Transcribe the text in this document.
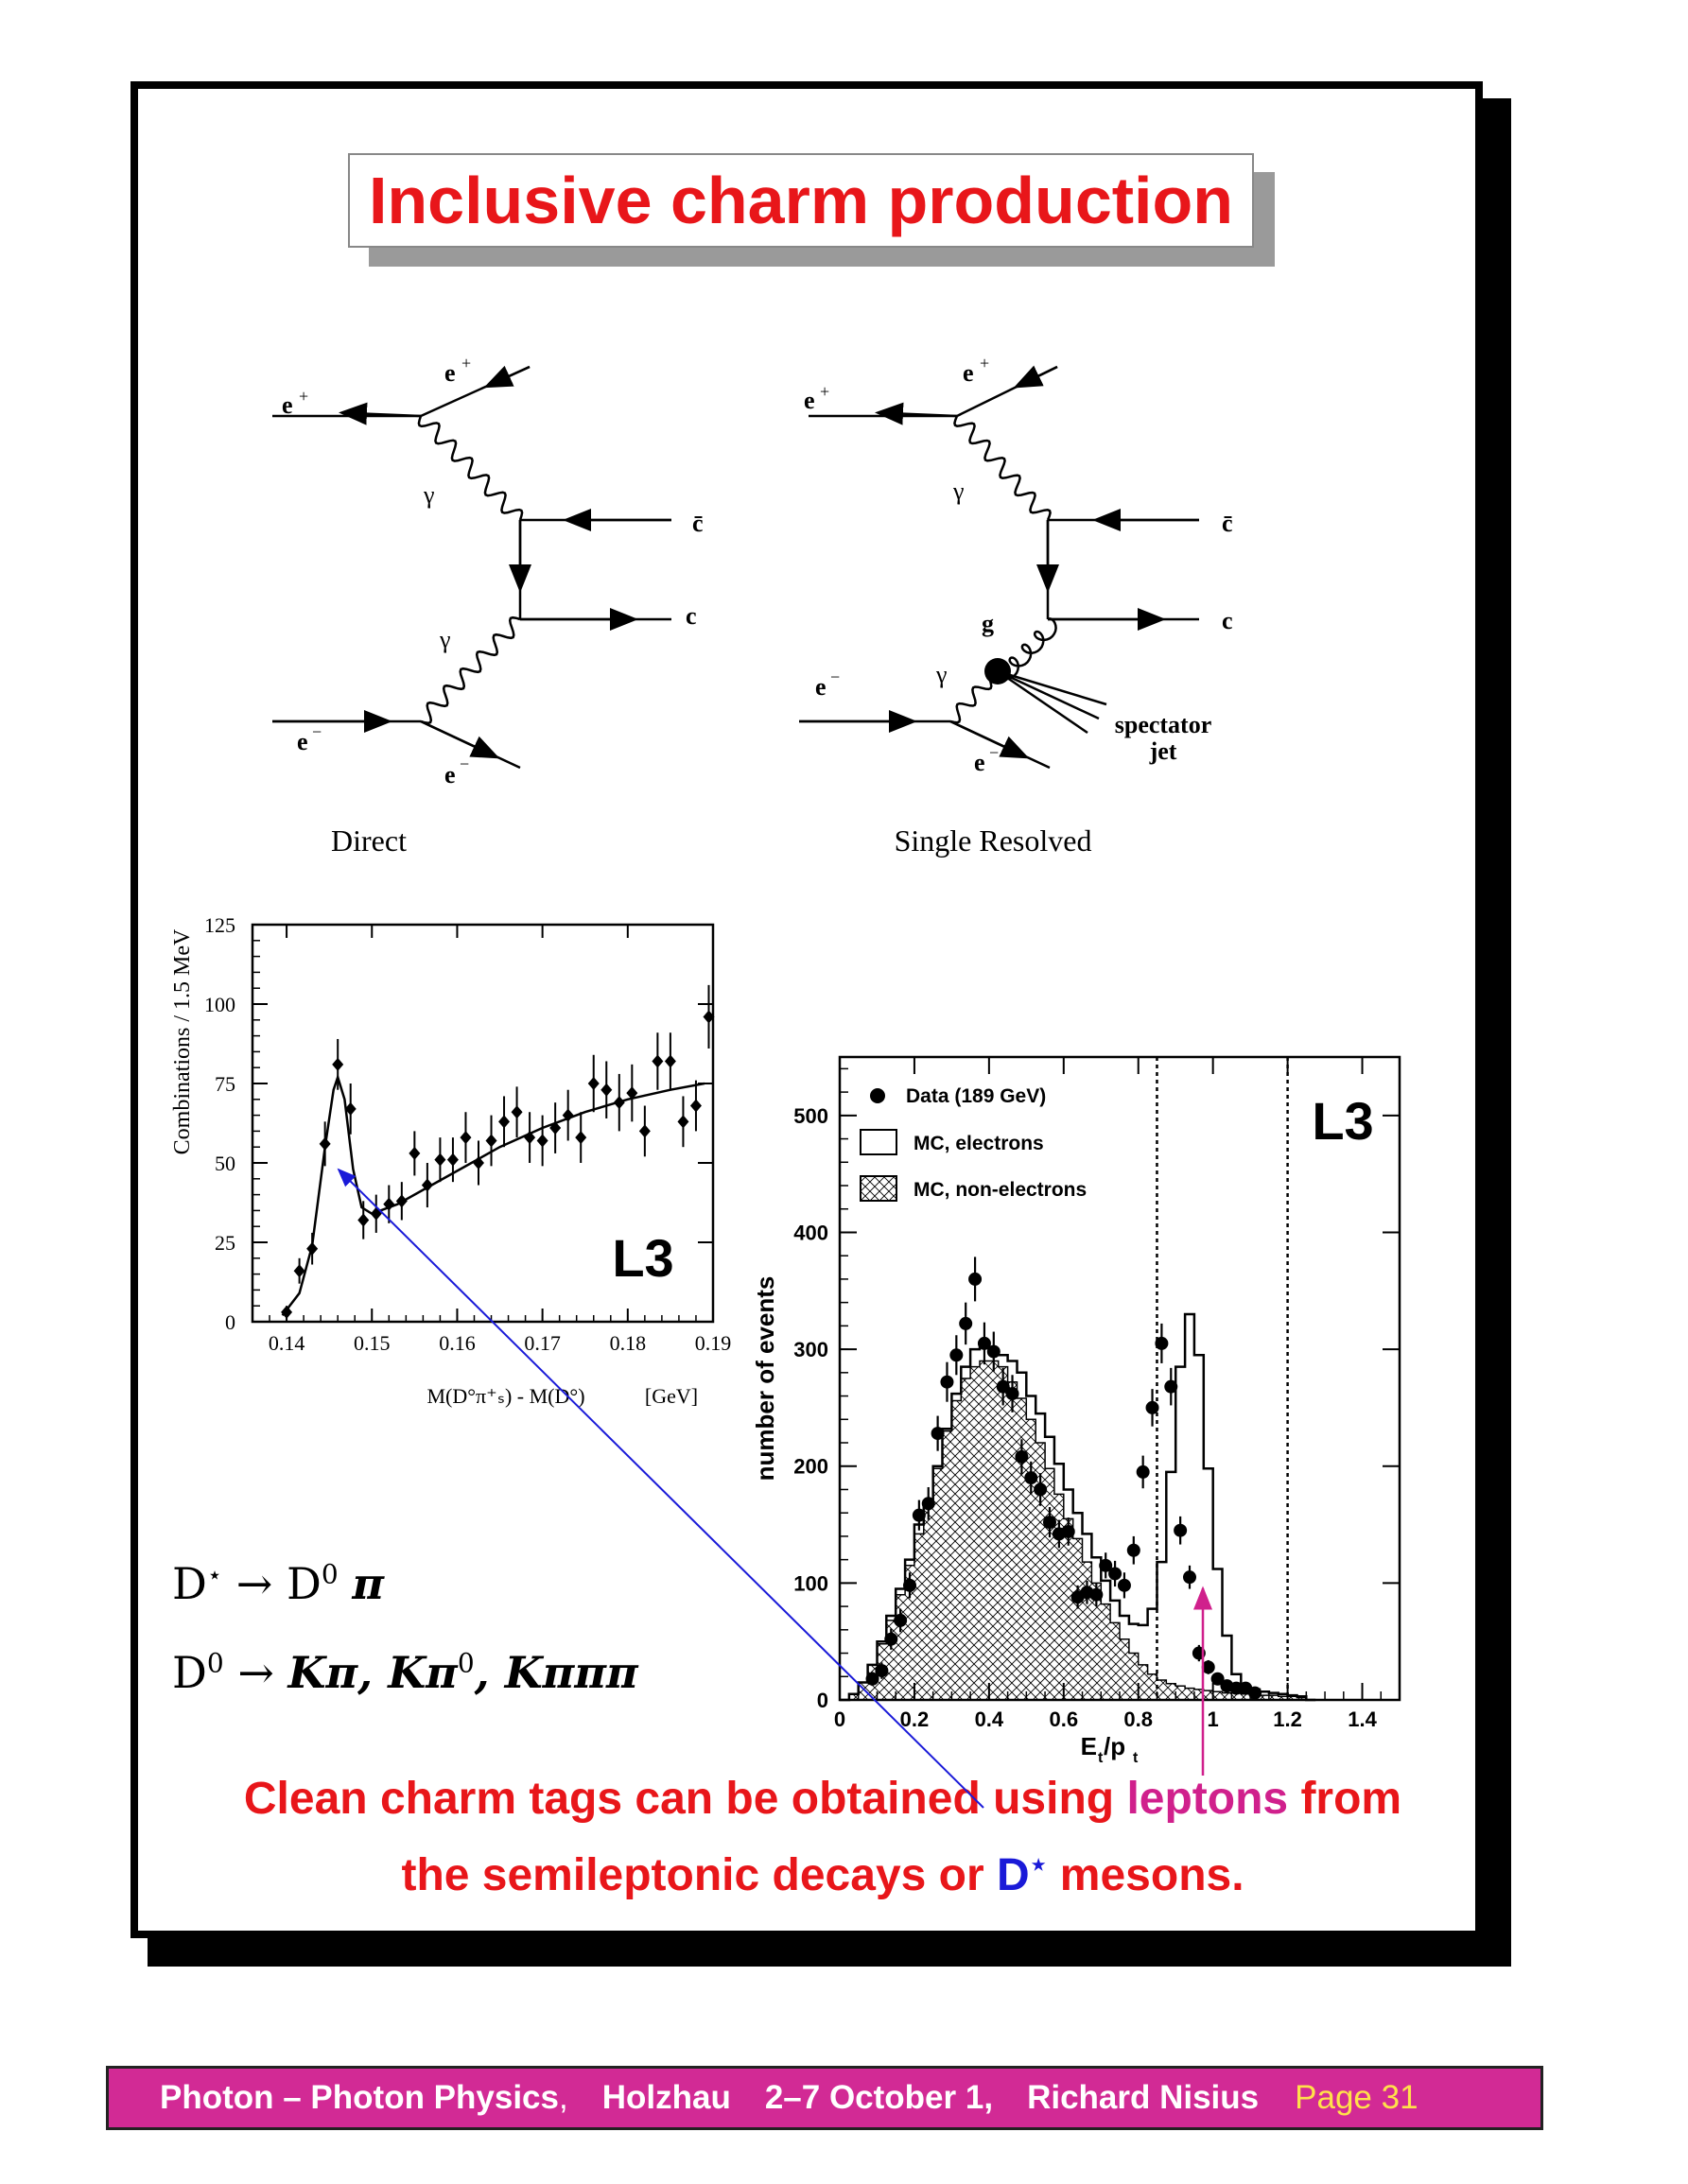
Inclusive charm production
e +
e +
γ
γ
c̄
c
e −
e −
Direct
e +
e +
γ
g
γ
c̄
c
e −
e −
spectator
jet
Single Resolved
0.14 0.15 0.16 0.17 0.18 0.19
0
25
50
75
100
125
Combinations / 1.5 MeV
M(D°π⁺ₛ) - M(D°)	[GeV]
L3
0	0.2 0.4 0.6 0.8	1	1.2 1.4
0
100
200
300
400
500
Data (189 GeV)
MC, electrons
MC, non-electrons
L3
number of events
E t /p t
$D^⋆ \to D^0$ π
$D^0 \to K\pi$, $K\pi^0$, Kπππ
Clean charm tags can be obtained using leptons from
the semileptonic decays or D⋆ mesons.
Photon – Photon Physics , Holzhau 2–7 October 1, Richard Nisius Page 31
